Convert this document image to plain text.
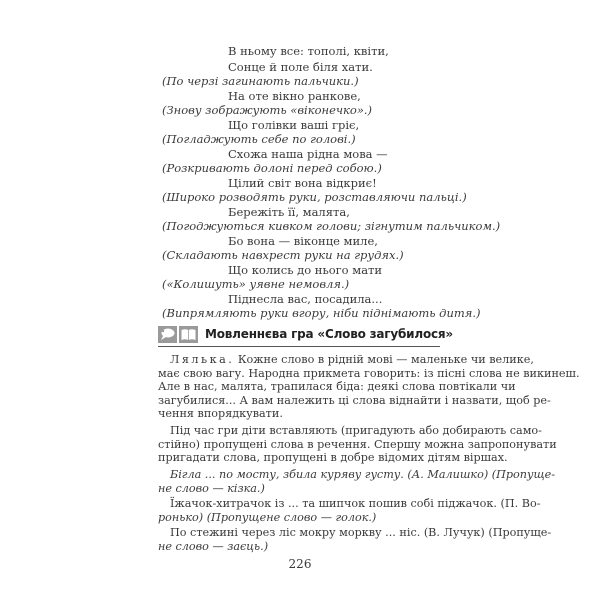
В ньому все: тополі, квіти,
Сонце й поле біля хати.
(По черзі загинають пальчики.)
На оте вікно ранкове,
(Знову зображують «віконечко».)
Що голівки ваші гріє,
(Погладжують себе по голові.)
Схожа наша рідна мова —
(Розкривають долоні перед собою.)
Цілий світ вона відкриє!
(Широко розводять руки, розставляючи пальці.)
Бережіть її, малята,
(Погоджуються кивком голови; зігнутим пальчиком.)
Бо вона — віконце миле,
(Складають навхрест руки на грудях.)
Що колись до нього мати
(«Колишуть» уявне немовля.)
Піднесла вас, посадила...
(Випрямляють руки вгору, ніби піднімають дитя.)
Мовленнєва гра «Слово загубилося»
Лялька. Кожне слово в рідній мові — маленьке чи велике,
має свою вагу. Народна прикмета говорить: із пісні слова не викинеш.
Але в нас, малята, трапилася біда: деякі слова повтікали чи
загубилися... А вам належить ці слова віднайти і назвати, щоб ре-
чення впорядкувати.
Під час гри діти вставляють (пригадують або добирають само-
стійно) пропущені слова в речення. Спершу можна запропонувати
пригадати слова, пропущені в добре відомих дітям віршах.
Бігла ... по мосту, збила куряву густу. (А. Малишко) (Пропуще-
не слово — кізка.)
Їжачок-хитрачок із ... та шипчок пошив собі піджачок. (П. Во-
ронько) (Пропущене слово — голок.)
По стежині через ліс мокру моркву ... ніс. (В. Лучук) (Пропуще-
не слово — заєць.)
226
